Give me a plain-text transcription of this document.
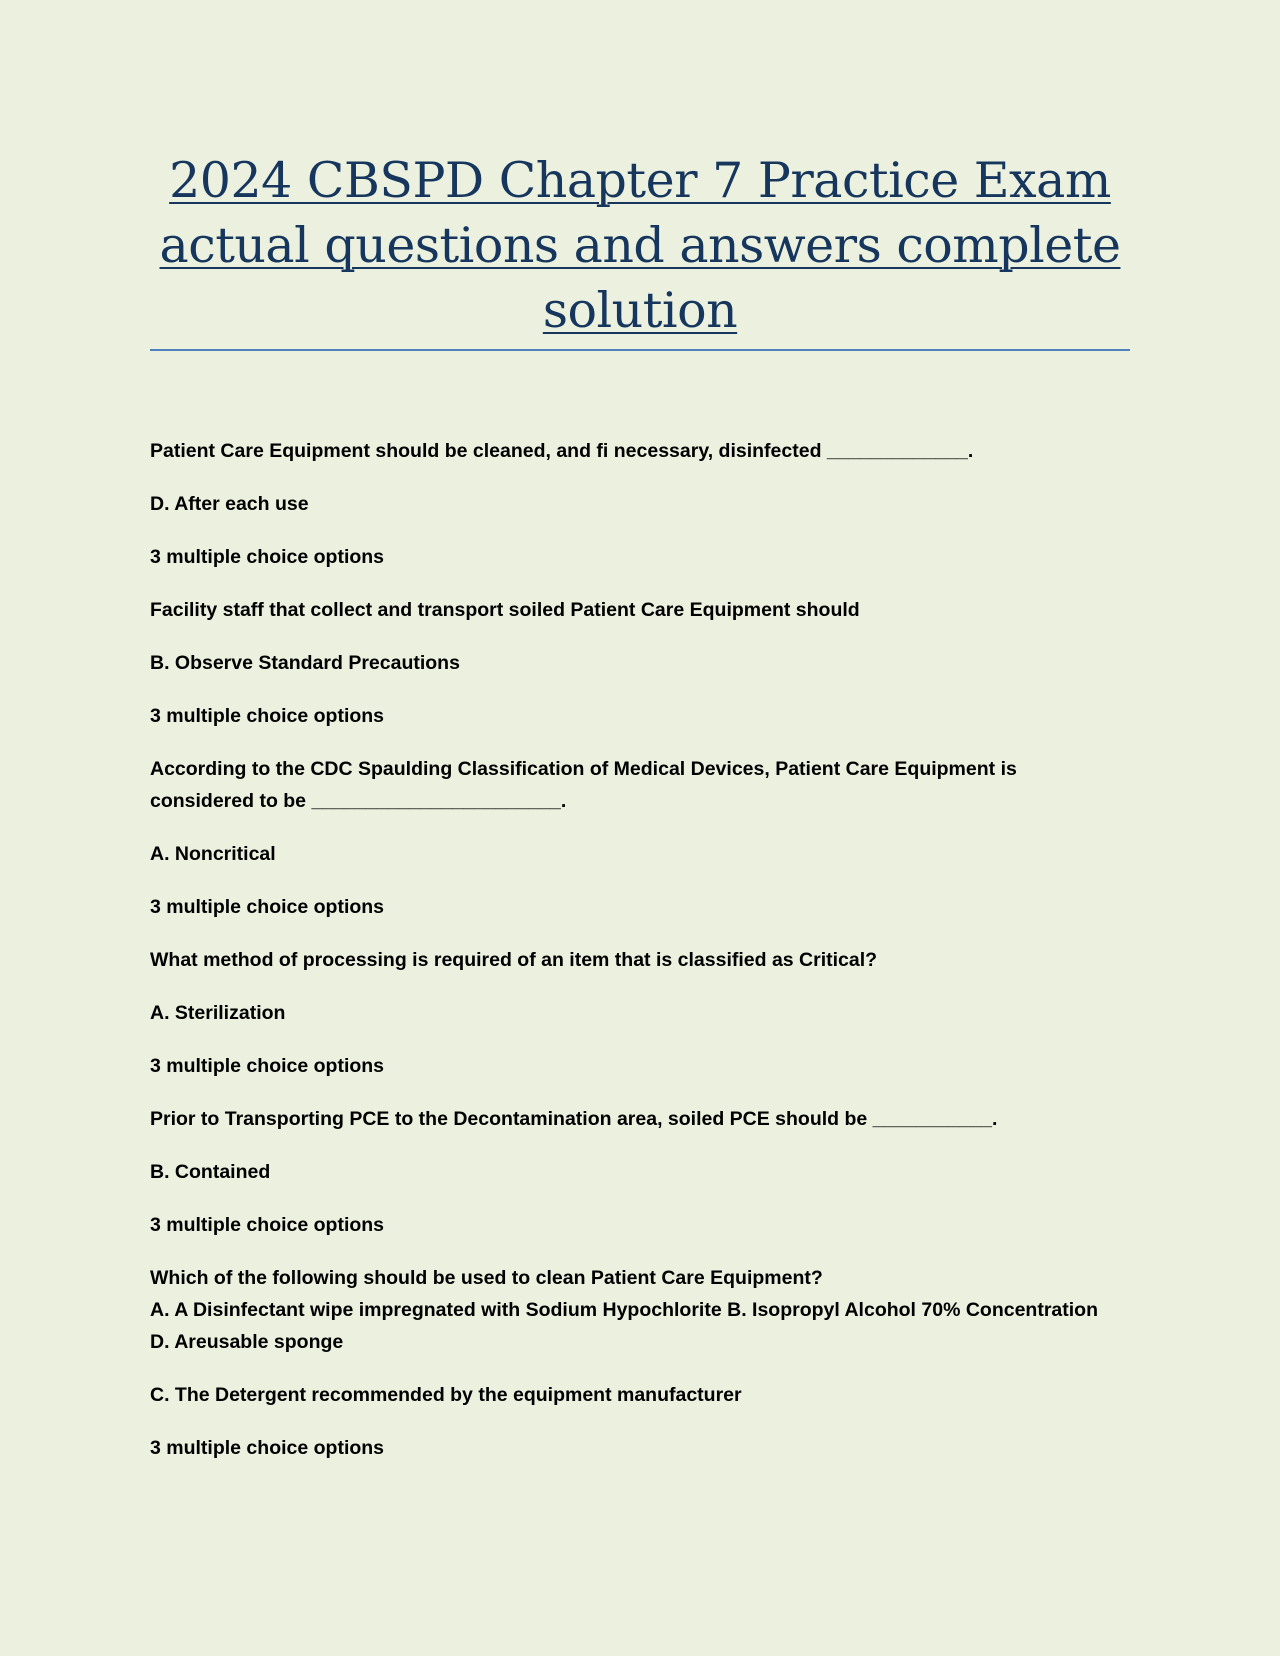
2024 CBSPD Chapter 7 Practice Exam
actual questions and answers complete
solution

Patient Care Equipment should be cleaned, and fi necessary, disinfected _____________.

D. After each use

3 multiple choice options

Facility staff that collect and transport soiled Patient Care Equipment should

B. Observe Standard Precautions

3 multiple choice options

According to the CDC Spaulding Classification of Medical Devices, Patient Care Equipment is
considered to be _______________________.

A. Noncritical

3 multiple choice options

What method of processing is required of an item that is classified as Critical?

A. Sterilization

3 multiple choice options

Prior to Transporting PCE to the Decontamination area, soiled PCE should be ___________.

B. Contained

3 multiple choice options

Which of the following should be used to clean Patient Care Equipment?

A. A Disinfectant wipe impregnated with Sodium Hypochlorite B. Isopropyl Alcohol 70% Concentration
D. Areusable sponge

C. The Detergent recommended by the equipment manufacturer

3 multiple choice options
